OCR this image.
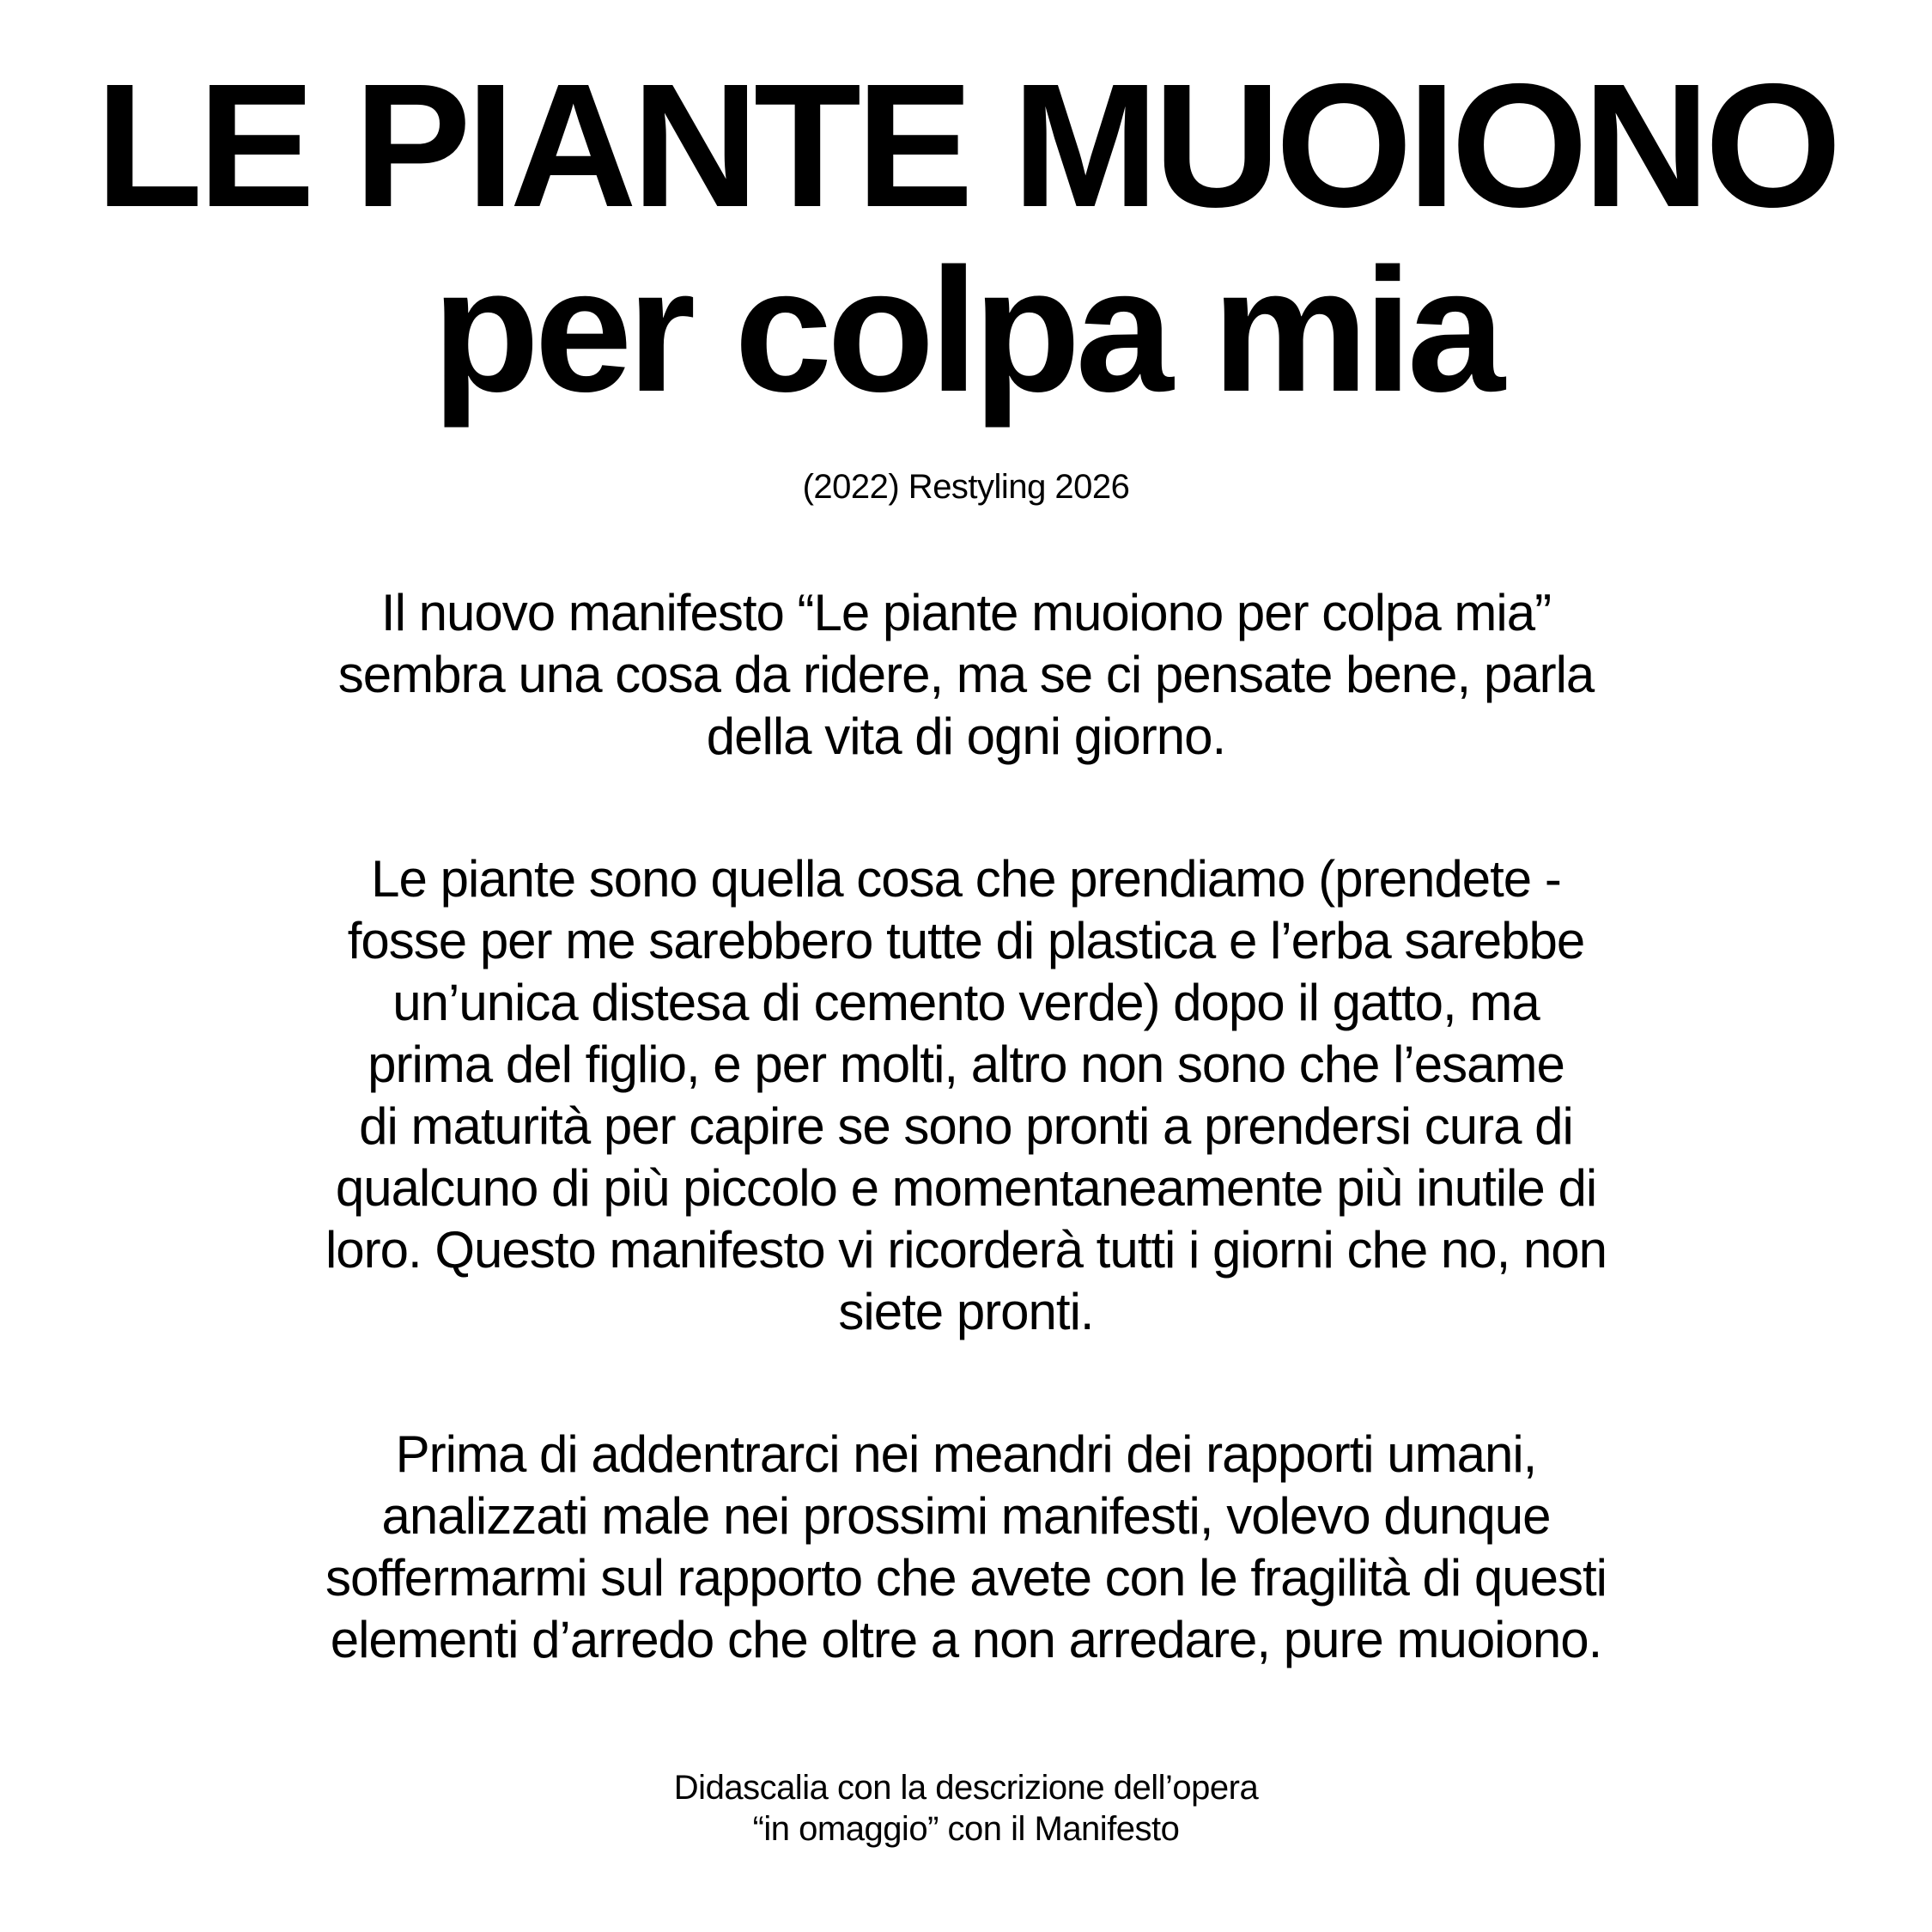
LE PIANTE MUOIONO
per colpa mia

(2022) Restyling 2026

Il nuovo manifesto “Le piante muoiono per colpa mia”
sembra una cosa da ridere, ma se ci pensate bene, parla
della vita di ogni giorno.

Le piante sono quella cosa che prendiamo (prendete -
fosse per me sarebbero tutte di plastica e l’erba sarebbe
un’unica distesa di cemento verde) dopo il gatto, ma
prima del figlio, e per molti, altro non sono che l’esame
di maturità per capire se sono pronti a prendersi cura di
qualcuno di più piccolo e momentaneamente più inutile di
loro. Questo manifesto vi ricorderà tutti i giorni che no, non
siete pronti.

Prima di addentrarci nei meandri dei rapporti umani,
analizzati male nei prossimi manifesti, volevo dunque
soffermarmi sul rapporto che avete con le fragilità di questi
elementi d’arredo che oltre a non arredare, pure muoiono.

Didascalia con la descrizione dell’opera
“in omaggio” con il Manifesto
